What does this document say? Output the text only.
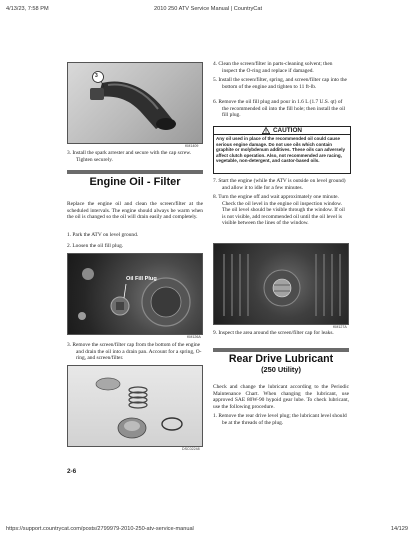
4/13/23, 7:58 PM	2010 250 ATV Service Manual | CountryCat
https://support.countrycat.com/posts/2799979-2010-250-atv-service-manual	14/129
3
KM1409
3. Install the spark arrester and secure with the cap screw. Tighten securely.
Engine Oil - Filter
Replace the engine oil and clean the screen/filter at the scheduled intervals. The engine should always be warm when the oil is changed so the oil will drain easily and completely.
1. Park the ATV on level ground.
2. Loosen the oil fill plug.
Oil Fill Plug
KM126A
3. Remove the screen/filter cap from the bottom of the engine and drain the oil into a drain pan. Account for a spring, O-ring, and screen/filter.
DSC02248
2-6
4. Clean the screen/filter in parts-cleaning solvent; then inspect the O-ring and replace if damaged.
5. Install the screen/filter, spring, and screen/filter cap into the bottom of the engine and tighten to 11 ft-lb.
6. Remove the oil fill plug and pour in 1.6 L (1.7 U.S. qt) of the recommended oil into the fill hole; then install the oil fill plug.
CAUTION
Any oil used in place of the recommended oil could cause serious engine damage. Do not use oils which contain graphite or molybdenum additives. These oils can adversely affect clutch operation. Also, not recommended are racing, vegetable, non-detergent, and castor-based oils.
7. Start the engine (while the ATV is outside on level ground) and allow it to idle for a few minutes.
8. Turn the engine off and wait approximately one minute. Check the oil level in the engine oil inspection window. The oil level should be visible through the window. If oil is not visible, add recommended oil until the oil level is visible between the lines of the window.
KM127A
9. Inspect the area around the screen/filter cap for leaks.
Rear Drive Lubricant
(250 Utility)
Check and change the lubricant according to the Periodic Maintenance Chart. When changing the lubricant, use approved SAE 80W-90 hypoid gear lube. To check lubricant, use the following procedure.
1. Remove the rear drive level plug; the lubricant level should be at the threads of the plug.
